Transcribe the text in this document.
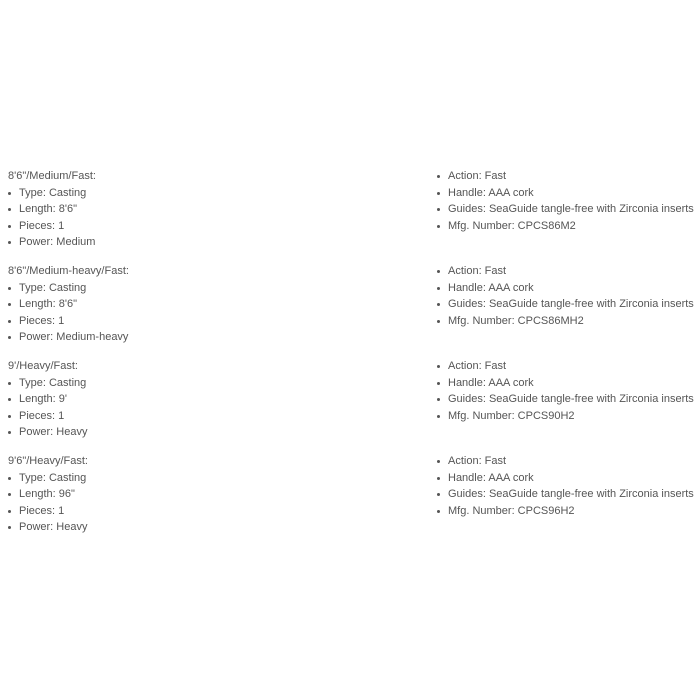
8'6"/Medium/Fast:
Type: Casting
Length: 8'6"
Pieces: 1
Power: Medium
Action: Fast
Handle: AAA cork
Guides: SeaGuide tangle-free with Zirconia inserts
Mfg. Number: CPCS86M2
8'6"/Medium-heavy/Fast:
Type: Casting
Length: 8'6"
Pieces: 1
Power: Medium-heavy
Action: Fast
Handle: AAA cork
Guides: SeaGuide tangle-free with Zirconia inserts
Mfg. Number: CPCS86MH2
9'/Heavy/Fast:
Type: Casting
Length: 9'
Pieces: 1
Power: Heavy
Action: Fast
Handle: AAA cork
Guides: SeaGuide tangle-free with Zirconia inserts
Mfg. Number: CPCS90H2
9'6"/Heavy/Fast:
Type: Casting
Length: 96"
Pieces: 1
Power: Heavy
Action: Fast
Handle: AAA cork
Guides: SeaGuide tangle-free with Zirconia inserts
Mfg. Number: CPCS96H2
